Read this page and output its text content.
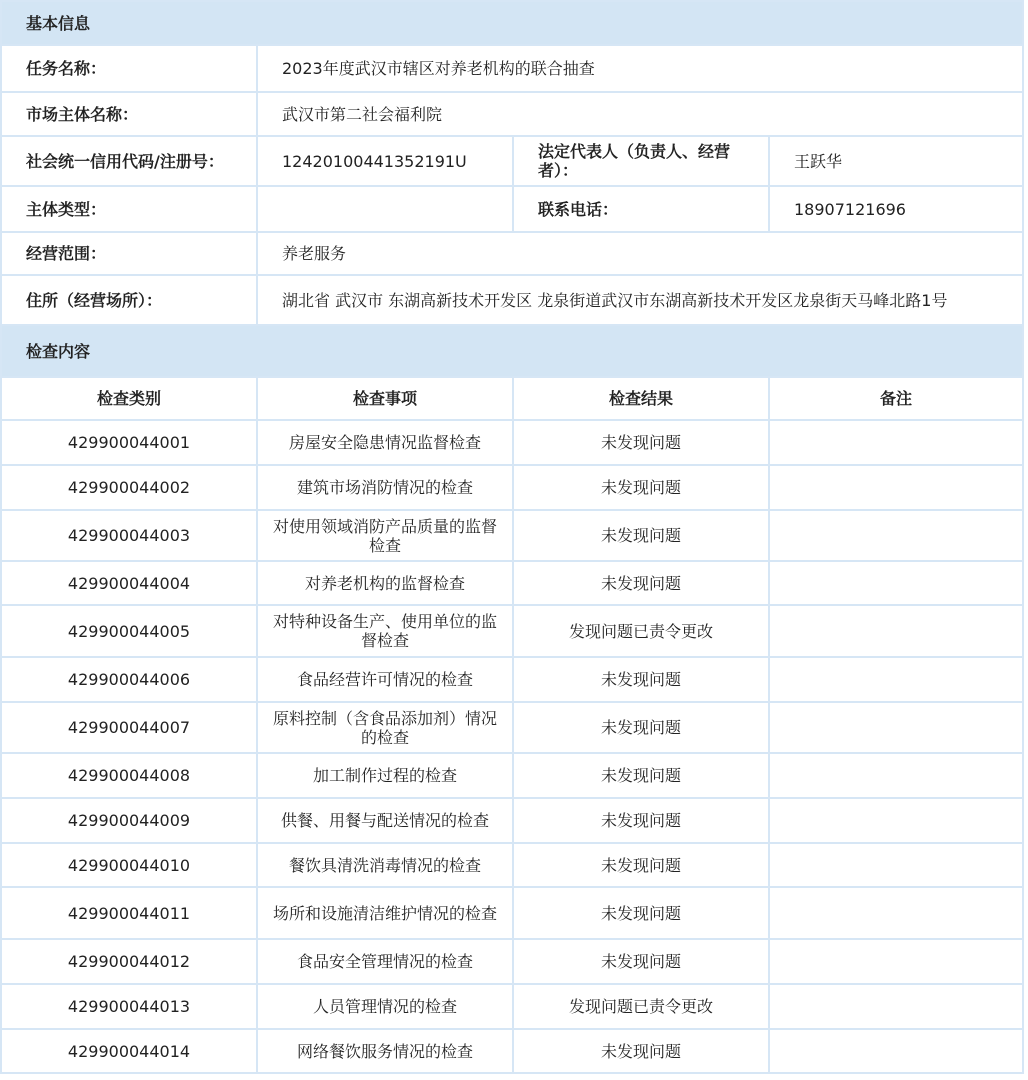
基本信息			
任务名称：	2023年度武汉市辖区对养老机构的联合抽查		
市场主体名称：	武汉市第二社会福利院		
社会统一信用代码/注册号：	12420100441352191U	法定代表人（负责人、经营者）：	王跃华
主体类型：		联系电话：	18907121696
经营范围：	养老服务		
住所（经营场所）：	湖北省 武汉市 东湖高新技术开发区 龙泉街道武汉市东湖高新技术开发区龙泉街天马峰北路1号		
检查内容			
检查类别	检查事项	检查结果	备注
429900044001	房屋安全隐患情况监督检查	未发现问题	
429900044002	建筑市场消防情况的检查	未发现问题	
429900044003	对使用领域消防产品质量的监督检查	未发现问题	
429900044004	对养老机构的监督检查	未发现问题	
429900044005	对特种设备生产、使用单位的监督检查	发现问题已责令更改	
429900044006	食品经营许可情况的检查	未发现问题	
429900044007	原料控制（含食品添加剂）情况的检查	未发现问题	
429900044008	加工制作过程的检查	未发现问题	
429900044009	供餐、用餐与配送情况的检查	未发现问题	
429900044010	餐饮具清洗消毒情况的检查	未发现问题	
429900044011	场所和设施清洁维护情况的检查	未发现问题	
429900044012	食品安全管理情况的检查	未发现问题	
429900044013	人员管理情况的检查	发现问题已责令更改	
429900044014	网络餐饮服务情况的检查	未发现问题	
